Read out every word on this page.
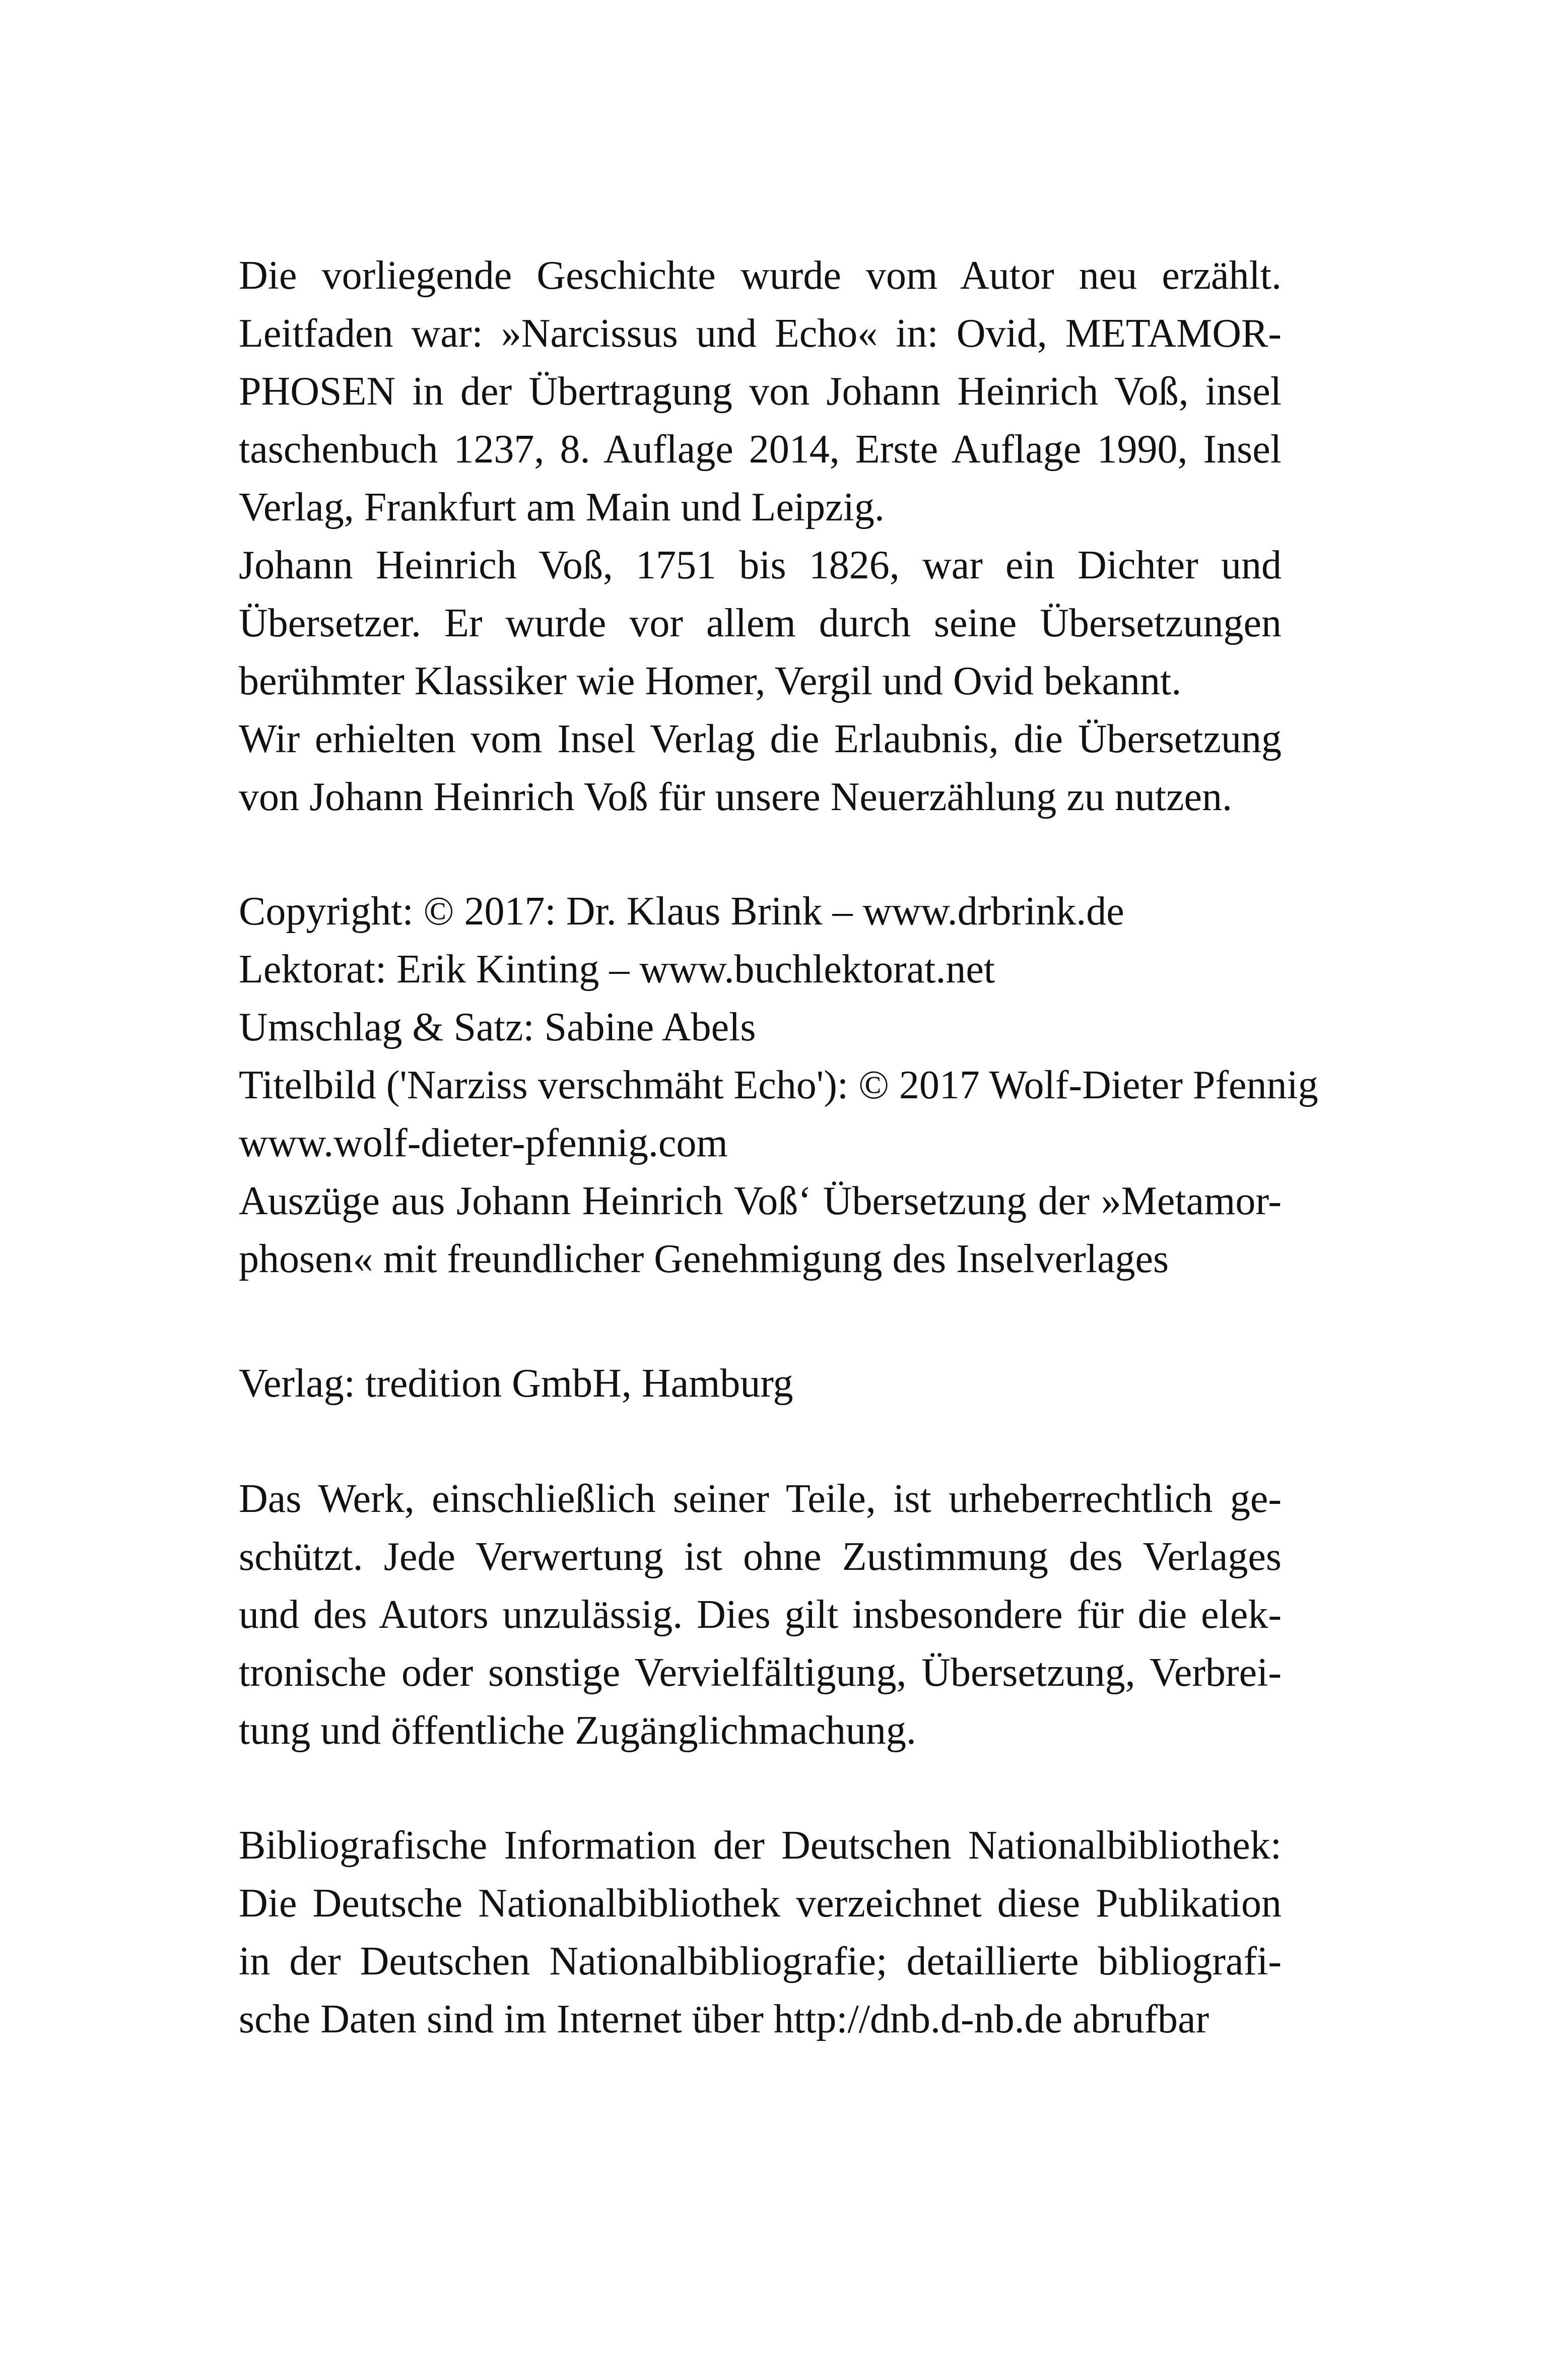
Die vorliegende Geschichte wurde vom Autor neu erzählt.
Leitfaden war: »Narcissus und Echo« in: Ovid, METAMOR-
PHOSEN in der Übertragung von Johann Heinrich Voß, insel
taschenbuch 1237, 8. Auflage 2014, Erste Auflage 1990, Insel
Verlag, Frankfurt am Main und Leipzig.
Johann Heinrich Voß, 1751 bis 1826, war ein Dichter und
Übersetzer. Er wurde vor allem durch seine Übersetzungen
berühmter Klassiker wie Homer, Vergil und Ovid bekannt.
Wir erhielten vom Insel Verlag die Erlaubnis, die Übersetzung
von Johann Heinrich Voß für unsere Neuerzählung zu nutzen.
Copyright: © 2017: Dr. Klaus Brink – www.drbrink.de
Lektorat: Erik Kinting – www.buchlektorat.net
Umschlag & Satz: Sabine Abels
Titelbild ('Narziss verschmäht Echo'): © 2017 Wolf-Dieter Pfennig
www.wolf-dieter-pfennig.com
Auszüge aus Johann Heinrich Voß‘ Übersetzung der »Metamor-
phosen« mit freundlicher Genehmigung des Inselverlages
Verlag: tredition GmbH, Hamburg
Das Werk, einschließlich seiner Teile, ist urheberrechtlich ge-
schützt. Jede Verwertung ist ohne Zustimmung des Verlages
und des Autors unzulässig. Dies gilt insbesondere für die elek-
tronische oder sonstige Vervielfältigung, Übersetzung, Verbrei-
tung und öffentliche Zugänglichmachung.
Bibliografische Information der Deutschen Nationalbibliothek:
Die Deutsche Nationalbibliothek verzeichnet diese Publikation
in der Deutschen Nationalbibliografie; detaillierte bibliografi-
sche Daten sind im Internet über http://dnb.d-nb.de abrufbar
